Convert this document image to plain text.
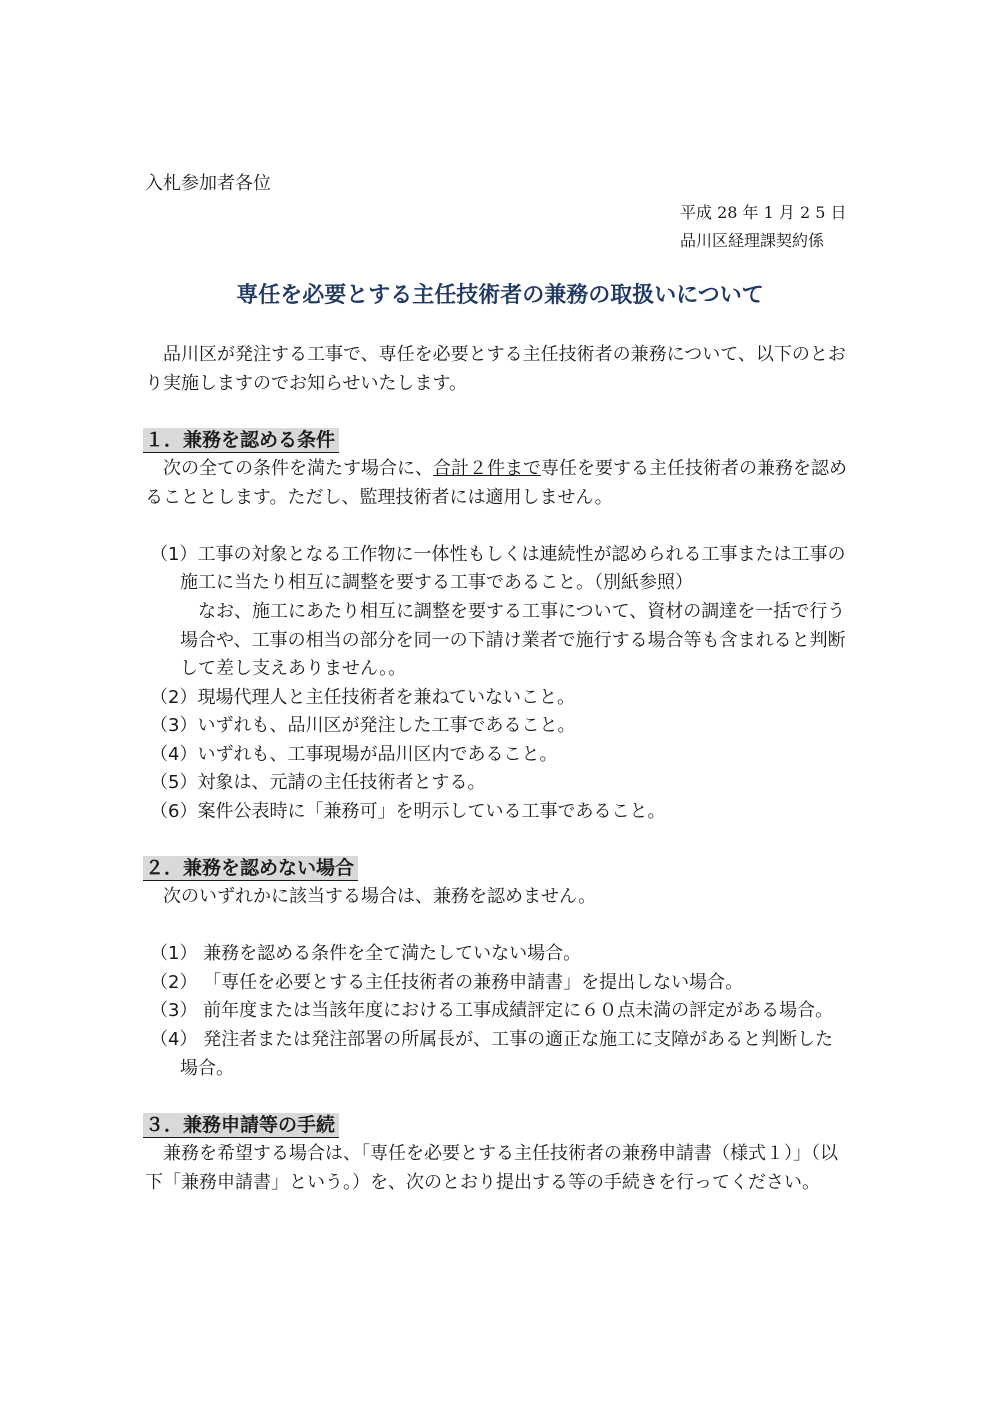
入札参加者各位
平成 28 年 1 月 2 5 日
品川区経理課契約係
専任を必要とする主任技術者の兼務の取扱いについて
品川区が発注する工事で、専任を必要とする主任技術者の兼務について、以下のとお
り実施しますのでお知らせいたします。
１．兼務を認める条件
次の全ての条件を満たす場合に、合計２件まで専任を要する主任技術者の兼務を認め
ることとします。ただし、監理技術者には適用しません。
（1）工事の対象となる工作物に一体性もしくは連続性が認められる工事または工事の
施工に当たり相互に調整を要する工事であること。（別紙参照）
なお、施工にあたり相互に調整を要する工事について、資材の調達を一括で行う
場合や、工事の相当の部分を同一の下請け業者で施行する場合等も含まれると判断
して差し支えありません。。
（2）現場代理人と主任技術者を兼ねていないこと。
（3）いずれも、品川区が発注した工事であること。
（4）いずれも、工事現場が品川区内であること。
（5）対象は、元請の主任技術者とする。
（6）案件公表時に「兼務可」を明示している工事であること。
２．兼務を認めない場合
次のいずれかに該当する場合は、兼務を認めません。
（1） 兼務を認める条件を全て満たしていない場合。
（2） 「専任を必要とする主任技術者の兼務申請書」を提出しない場合。
（3） 前年度または当該年度における工事成績評定に６０点未満の評定がある場合。
（4） 発注者または発注部署の所属長が、工事の適正な施工に支障があると判断した
場合。
３．兼務申請等の手続
兼務を希望する場合は、「専任を必要とする主任技術者の兼務申請書（様式１）」（以
下「兼務申請書」という。）を、次のとおり提出する等の手続きを行ってください。
